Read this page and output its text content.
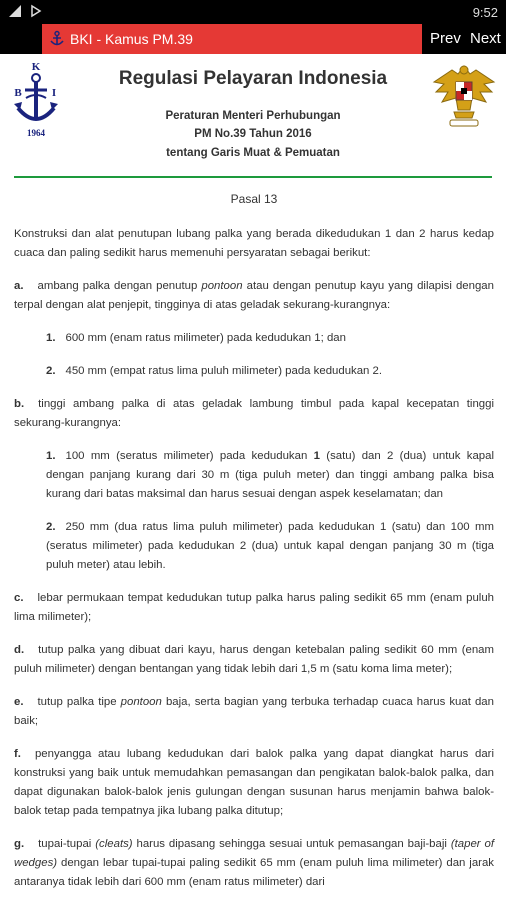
9:52
BKI - Kamus PM.39	Prev Next
K
B	I
1964
Regulasi Pelayaran Indonesia
Peraturan Menteri Perhubungan
PM No.39 Tahun 2016
tentang Garis Muat & Pemuatan
Pasal 13

Konstruksi dan alat penutupan lubang palka yang berada dikedudukan 1 dan 2 harus kedap cuaca dan paling sedikit harus memenuhi persyaratan sebagai berikut:

a. ambang palka dengan penutup pontoon atau dengan penutup kayu yang dilapisi dengan terpal dengan alat penjepit, tingginya di atas geladak sekurang-kurangnya:

1. 600 mm (enam ratus milimeter) pada kedudukan 1; dan

2. 450 mm (empat ratus lima puluh milimeter) pada kedudukan 2.

b. tinggi ambang palka di atas geladak lambung timbul pada kapal kecepatan tinggi sekurang-kurangnya:

1. 100 mm (seratus milimeter) pada kedudukan 1 (satu) dan 2 (dua) untuk kapal dengan panjang kurang dari 30 m (tiga puluh meter) dan tinggi ambang palka bisa kurang dari batas maksimal dan harus sesuai dengan aspek keselamatan; dan

2. 250 mm (dua ratus lima puluh milimeter) pada kedudukan 1 (satu) dan 100 mm (seratus milimeter) pada kedudukan 2 (dua) untuk kapal dengan panjang 30 m (tiga puluh meter) atau lebih.

c. lebar permukaan tempat kedudukan tutup palka harus paling sedikit 65 mm (enam puluh lima milimeter);

d. tutup palka yang dibuat dari kayu, harus dengan ketebalan paling sedikit 60 mm (enam puluh milimeter) dengan bentangan yang tidak lebih dari 1,5 m (satu koma lima meter);

e. tutup palka tipe pontoon baja, serta bagian yang terbuka terhadap cuaca harus kuat dan baik;

f. penyangga atau lubang kedudukan dari balok palka yang dapat diangkat harus dari konstruksi yang baik untuk memudahkan pemasangan dan pengikatan balok-balok palka, dan dapat digunakan balok-balok jenis gulungan dengan susunan harus menjamin bahwa balok-balok tetap pada tempatnya jika lubang palka ditutup;

g. tupai-tupai (cleats) harus dipasang sehingga sesuai untuk pemasangan baji-baji (taper of wedges) dengan lebar tupai-tupai paling sedikit 65 mm (enam puluh lima milimeter) dan jarak antaranya tidak lebih dari 600 mm (enam ratus milimeter) dari
